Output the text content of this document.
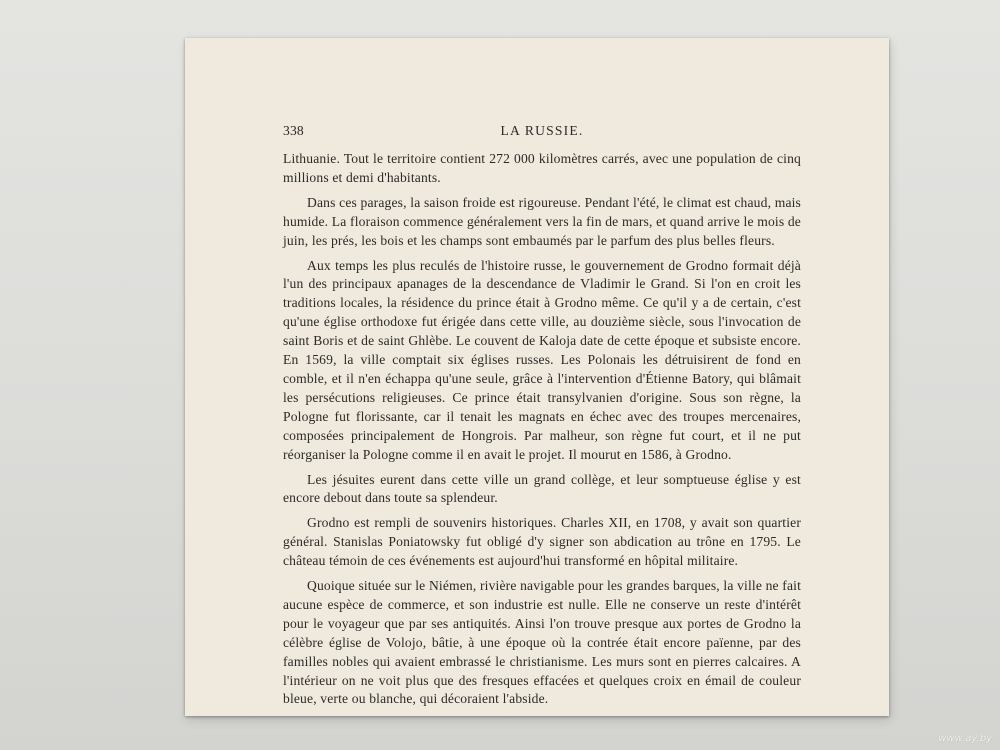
338	LA RUSSIE.

Lithuanie. Tout le territoire contient 272 000 kilomètres carrés, avec une population de cinq millions et demi d'habitants.

Dans ces parages, la saison froide est rigoureuse. Pendant l'été, le climat est chaud, mais humide. La floraison commence généralement vers la fin de mars, et quand arrive le mois de juin, les prés, les bois et les champs sont embaumés par le parfum des plus belles fleurs.

Aux temps les plus reculés de l'histoire russe, le gouvernement de Grodno formait déjà l'un des principaux apanages de la descendance de Vladimir le Grand. Si l'on en croit les traditions locales, la résidence du prince était à Grodno même. Ce qu'il y a de certain, c'est qu'une église orthodoxe fut érigée dans cette ville, au douzième siècle, sous l'invocation de saint Boris et de saint Ghlèbe. Le couvent de Kaloja date de cette époque et subsiste encore. En 1569, la ville comptait six églises russes. Les Polonais les détruisirent de fond en comble, et il n'en échappa qu'une seule, grâce à l'intervention d'Étienne Batory, qui blâmait les persécutions religieuses. Ce prince était transylvanien d'origine. Sous son règne, la Pologne fut florissante, car il tenait les magnats en échec avec des troupes mercenaires, composées principalement de Hongrois. Par malheur, son règne fut court, et il ne put réorganiser la Pologne comme il en avait le projet. Il mourut en 1586, à Grodno.

Les jésuites eurent dans cette ville un grand collège, et leur somptueuse église y est encore debout dans toute sa splendeur.

Grodno est rempli de souvenirs historiques. Charles XII, en 1708, y avait son quartier général. Stanislas Poniatowsky fut obligé d'y signer son abdication au trône en 1795. Le château témoin de ces événements est aujourd'hui transformé en hôpital militaire.

Quoique située sur le Niémen, rivière navigable pour les grandes barques, la ville ne fait aucune espèce de commerce, et son industrie est nulle. Elle ne conserve un reste d'intérêt pour le voyageur que par ses antiquités. Ainsi l'on trouve presque aux portes de Grodno la célèbre église de Volojo, bâtie, à une époque où la contrée était encore païenne, par des familles nobles qui avaient embrassé le christianisme. Les murs sont en pierres calcaires. A l'intérieur on ne voit plus que des fresques effacées et quelques croix en émail de couleur bleue, verte ou blanche, qui décoraient l'abside.

www.ay.by
